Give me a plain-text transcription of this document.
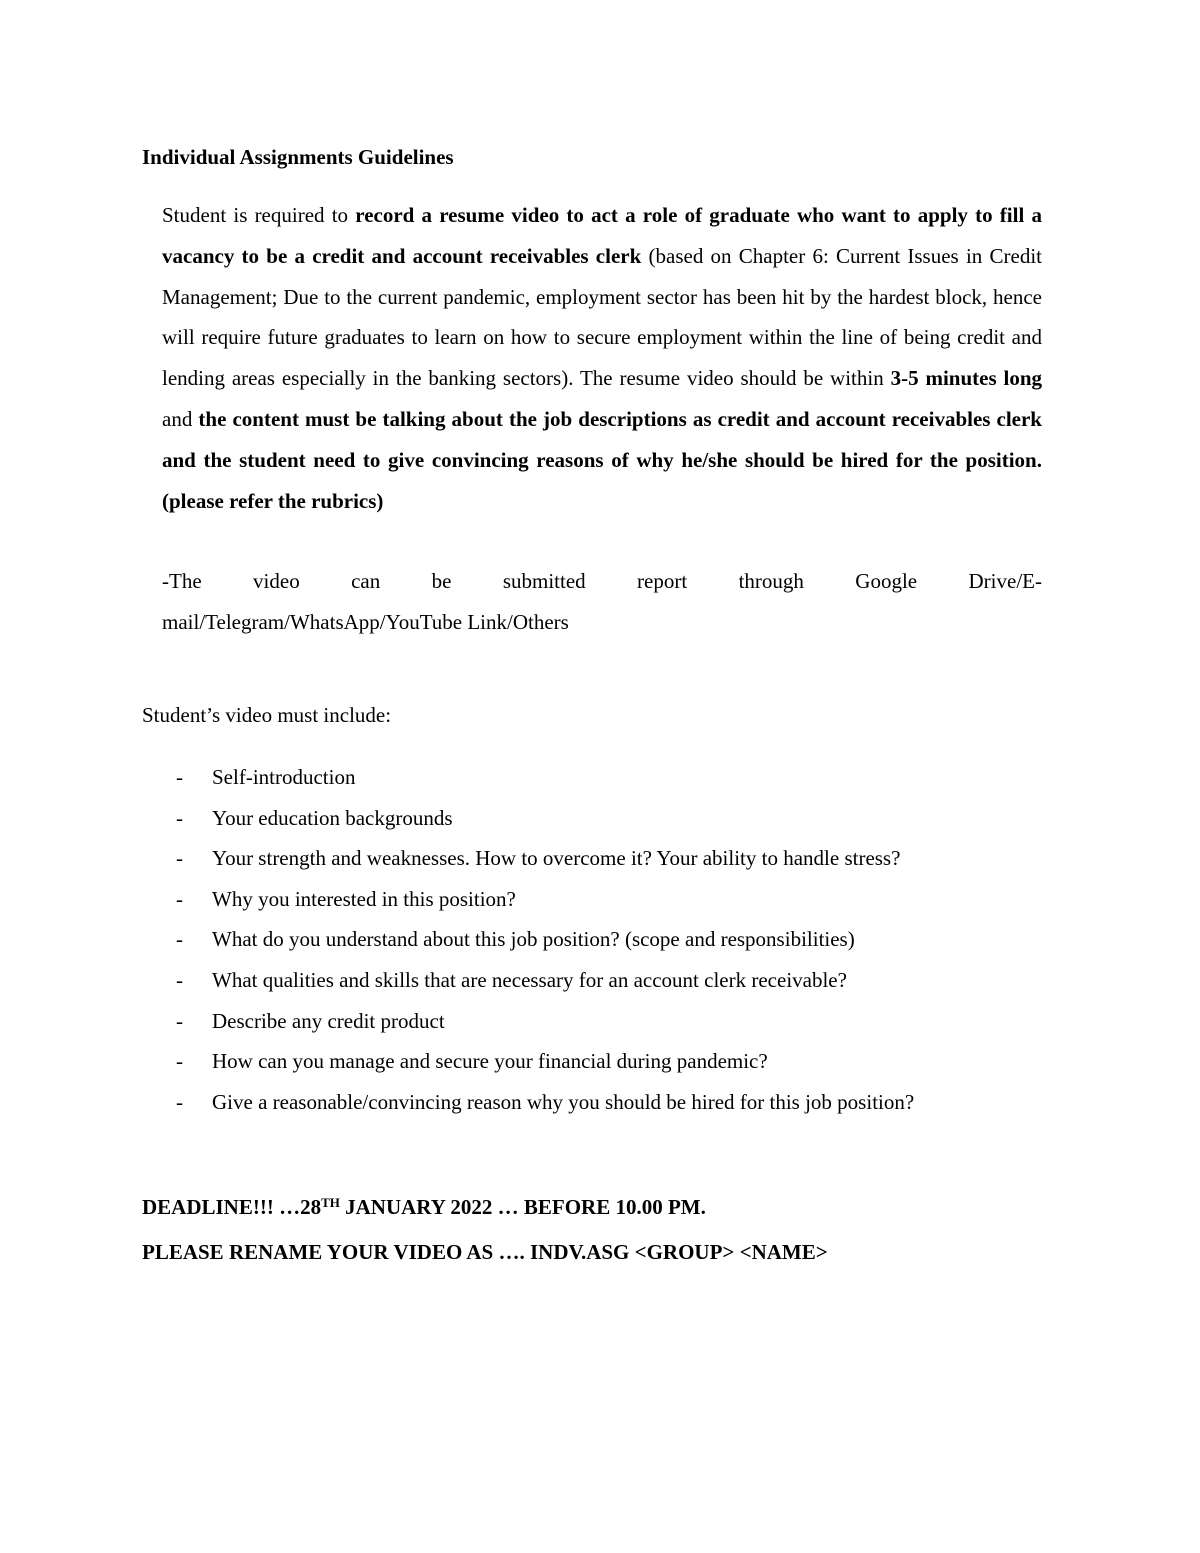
Individual Assignments Guidelines
Student is required to record a resume video to act a role of graduate who want to apply to fill a vacancy to be a credit and account receivables clerk (based on Chapter 6: Current Issues in Credit Management; Due to the current pandemic, employment sector has been hit by the hardest block, hence will require future graduates to learn on how to secure employment within the line of being credit and lending areas especially in the banking sectors). The resume video should be within 3-5 minutes long and the content must be talking about the job descriptions as credit and account receivables clerk and the student need to give convincing reasons of why he/she should be hired for the position. (please refer the rubrics)
-The video can be submitted report through Google Drive/E-
mail/Telegram/WhatsApp/YouTube Link/Others
Student’s video must include:
- Self-introduction
- Your education backgrounds
- Your strength and weaknesses. How to overcome it? Your ability to handle stress?
- Why you interested in this position?
- What do you understand about this job position? (scope and responsibilities)
- What qualities and skills that are necessary for an account clerk receivable?
- Describe any credit product
- How can you manage and secure your financial during pandemic?
- Give a reasonable/convincing reason why you should be hired for this job position?
DEADLINE!!! …28TH JANUARY 2022 … BEFORE 10.00 PM.
PLEASE RENAME YOUR VIDEO AS …. INDV.ASG <GROUP> <NAME>
